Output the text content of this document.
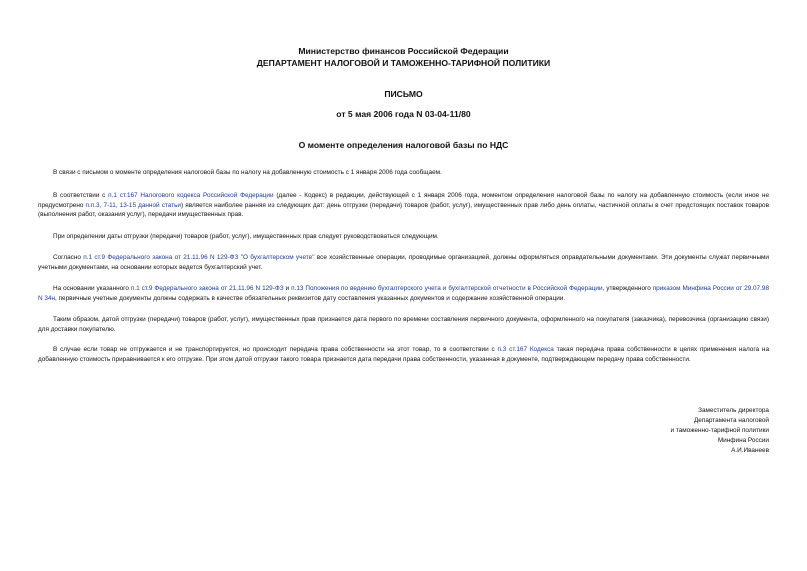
Министерство финансов Российской Федерации
ДЕПАРТАМЕНТ НАЛОГОВОЙ И ТАМОЖЕННО-ТАРИФНОЙ ПОЛИТИКИ
ПИСЬМО
от 5 мая 2006 года N 03-04-11/80
О моменте определения налоговой базы по НДС

В связи с письмом о моменте определения налоговой базы по налогу на добавленную стоимость с 1 января 2006 года сообщаем.

В соответствии с п.1 ст.167 Налогового кодекса Российской Федерации (далее - Кодекс) в редакции, действующей с 1 января 2006 года, моментом определения налоговой базы по налогу на добавленную стоимость (если иное не предусмотрено п.п.3, 7-11, 13-15 данной статьи) является наиболее ранняя из следующих дат: день отгрузки (передачи) товаров (работ, услуг), имущественных прав либо день оплаты, частичной оплаты в счет предстоящих поставок товаров (выполнения работ, оказания услуг), передачи имущественных прав.

При определении даты отгрузки (передачи) товаров (работ, услуг), имущественных прав следует руководствоваться следующим.

Согласно п.1 ст.9 Федерального закона от 21.11.96 N 129-ФЗ "О бухгалтерском учете" все хозяйственные операции, проводимые организацией, должны оформляться оправдательными документами. Эти документы служат первичными учетными документами, на основании которых ведется бухгалтерский учет.

На основании указанного п.1 ст.9 Федерального закона от 21.11.96 N 129-ФЗ и п.13 Положения по ведению бухгалтерского учета и бухгалтерской отчетности в Российской Федерации, утвержденного приказом Минфина России от 29.07.98 N 34н, первичные учетные документы должны содержать в качестве обязательных реквизитов дату составления указанных документов и содержание хозяйственной операции.

Таким образом, датой отгрузки (передачи) товаров (работ, услуг), имущественных прав признается дата первого по времени составления первичного документа, оформленного на покупателя (заказчика), перевозчика (организацию связи) для доставки покупателю.

В случае если товар не отгружается и не транспортируется, но происходит передача права собственности на этот товар, то в соответствии с п.3 ст.167 Кодекса такая передача права собственности в целях применения налога на добавленную стоимость приравнивается к его отгрузке. При этом датой отгрузки такого товара признается дата передачи права собственности, указанная в документе, подтверждающем передачу права собственности.

Заместитель директора
Департамента налоговой
и таможенно-тарифной политики
Минфина России
А.И.Иванеев
